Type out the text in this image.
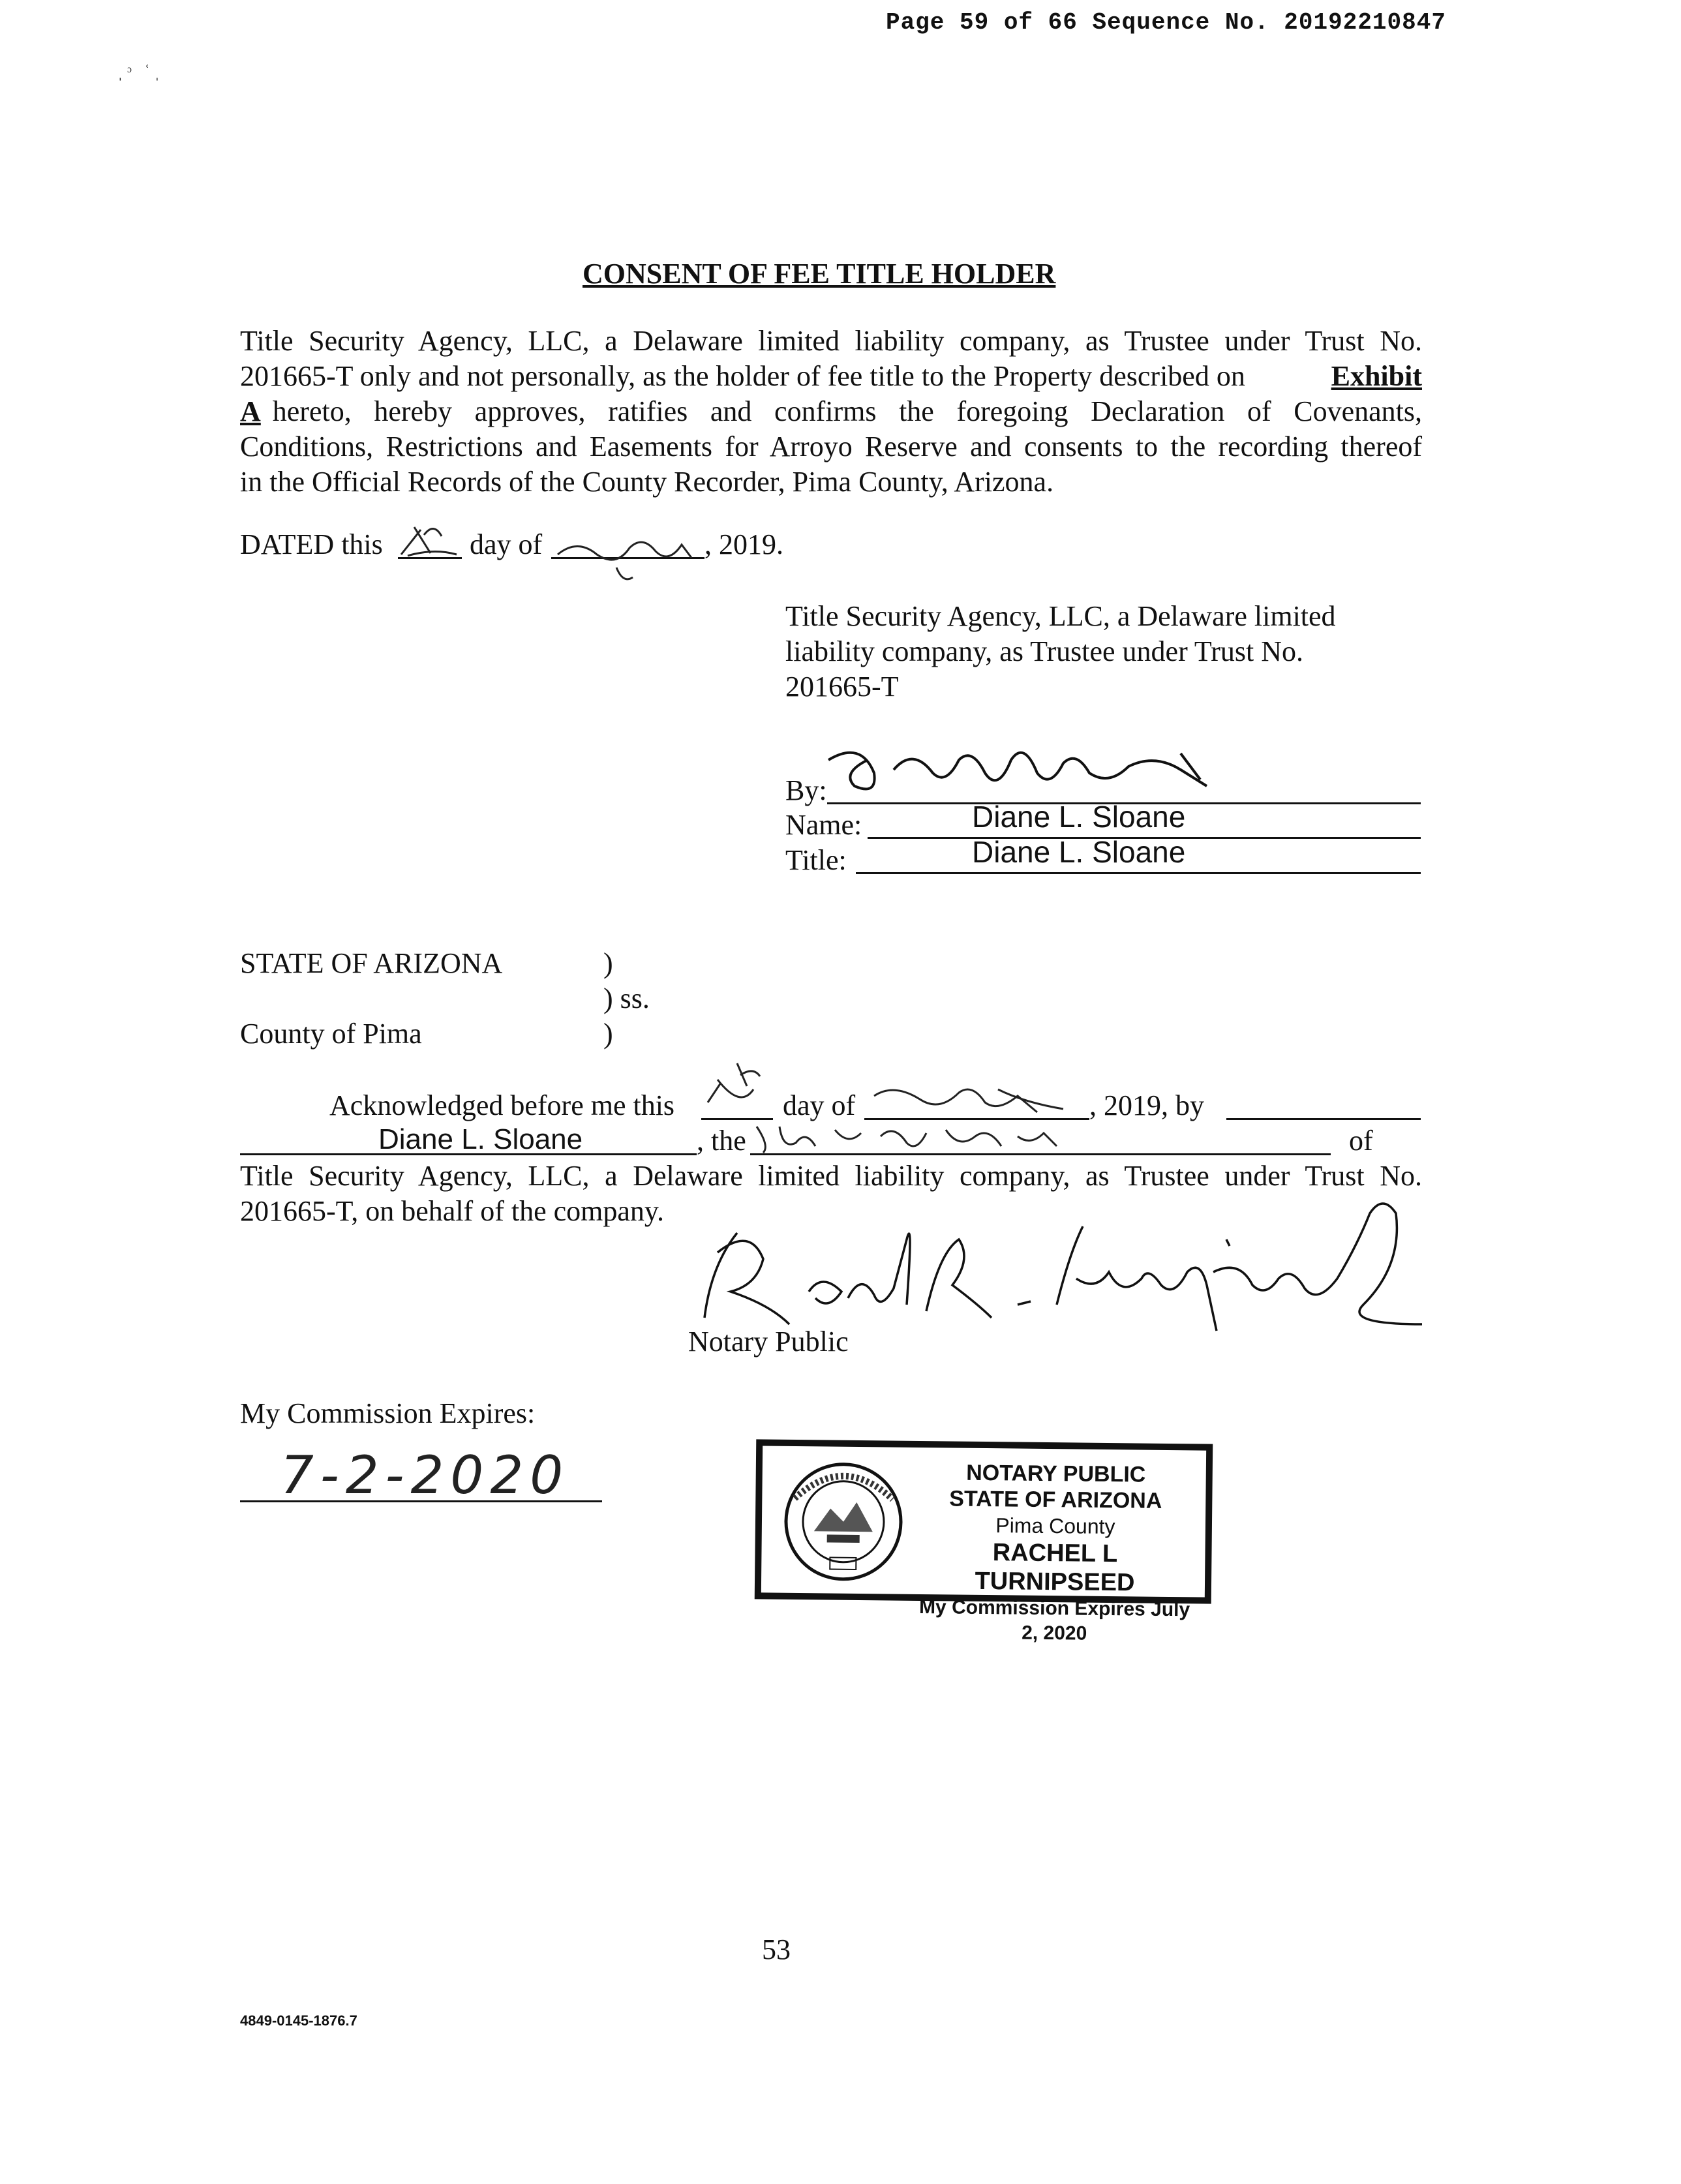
Page 59 of 66 Sequence No. 20192210847
ˌ ᵓ   ʿ ˌ
CONSENT OF FEE TITLE HOLDER
Title Security Agency, LLC, a Delaware limited liability company, as Trustee under Trust No.
201665-T only and not personally, as the holder of fee title to the Property described on	Exhibit
A hereto, hereby approves, ratifies and confirms the foregoing Declaration of Covenants,
Conditions, Restrictions and Easements for Arroyo Reserve and consents to the recording thereof
in the Official Records of the County Recorder, Pima County, Arizona.
DATED this	day of	, 2019.
Title Security Agency, LLC, a Delaware limited
liability company, as Trustee under Trust No.
201665-T
By:
Name:	Diane L. Sloane
Title:	Diane L. Sloane
STATE OF ARIZONA	)
) ss.
County of Pima	)
Acknowledged before me this	day of	, 2019, by
Diane L. Sloane	, the	of
Title Security Agency, LLC, a Delaware limited liability company, as Trustee under Trust No.
201665-T, on behalf of the company.
Notary Public
My Commission Expires:
7-2-2020	NOTARY PUBLIC
STATE OF ARIZONA
Pima County
RACHEL L TURNIPSEED
My Commission Expires July 2, 2020
53
4849-0145-1876.7
